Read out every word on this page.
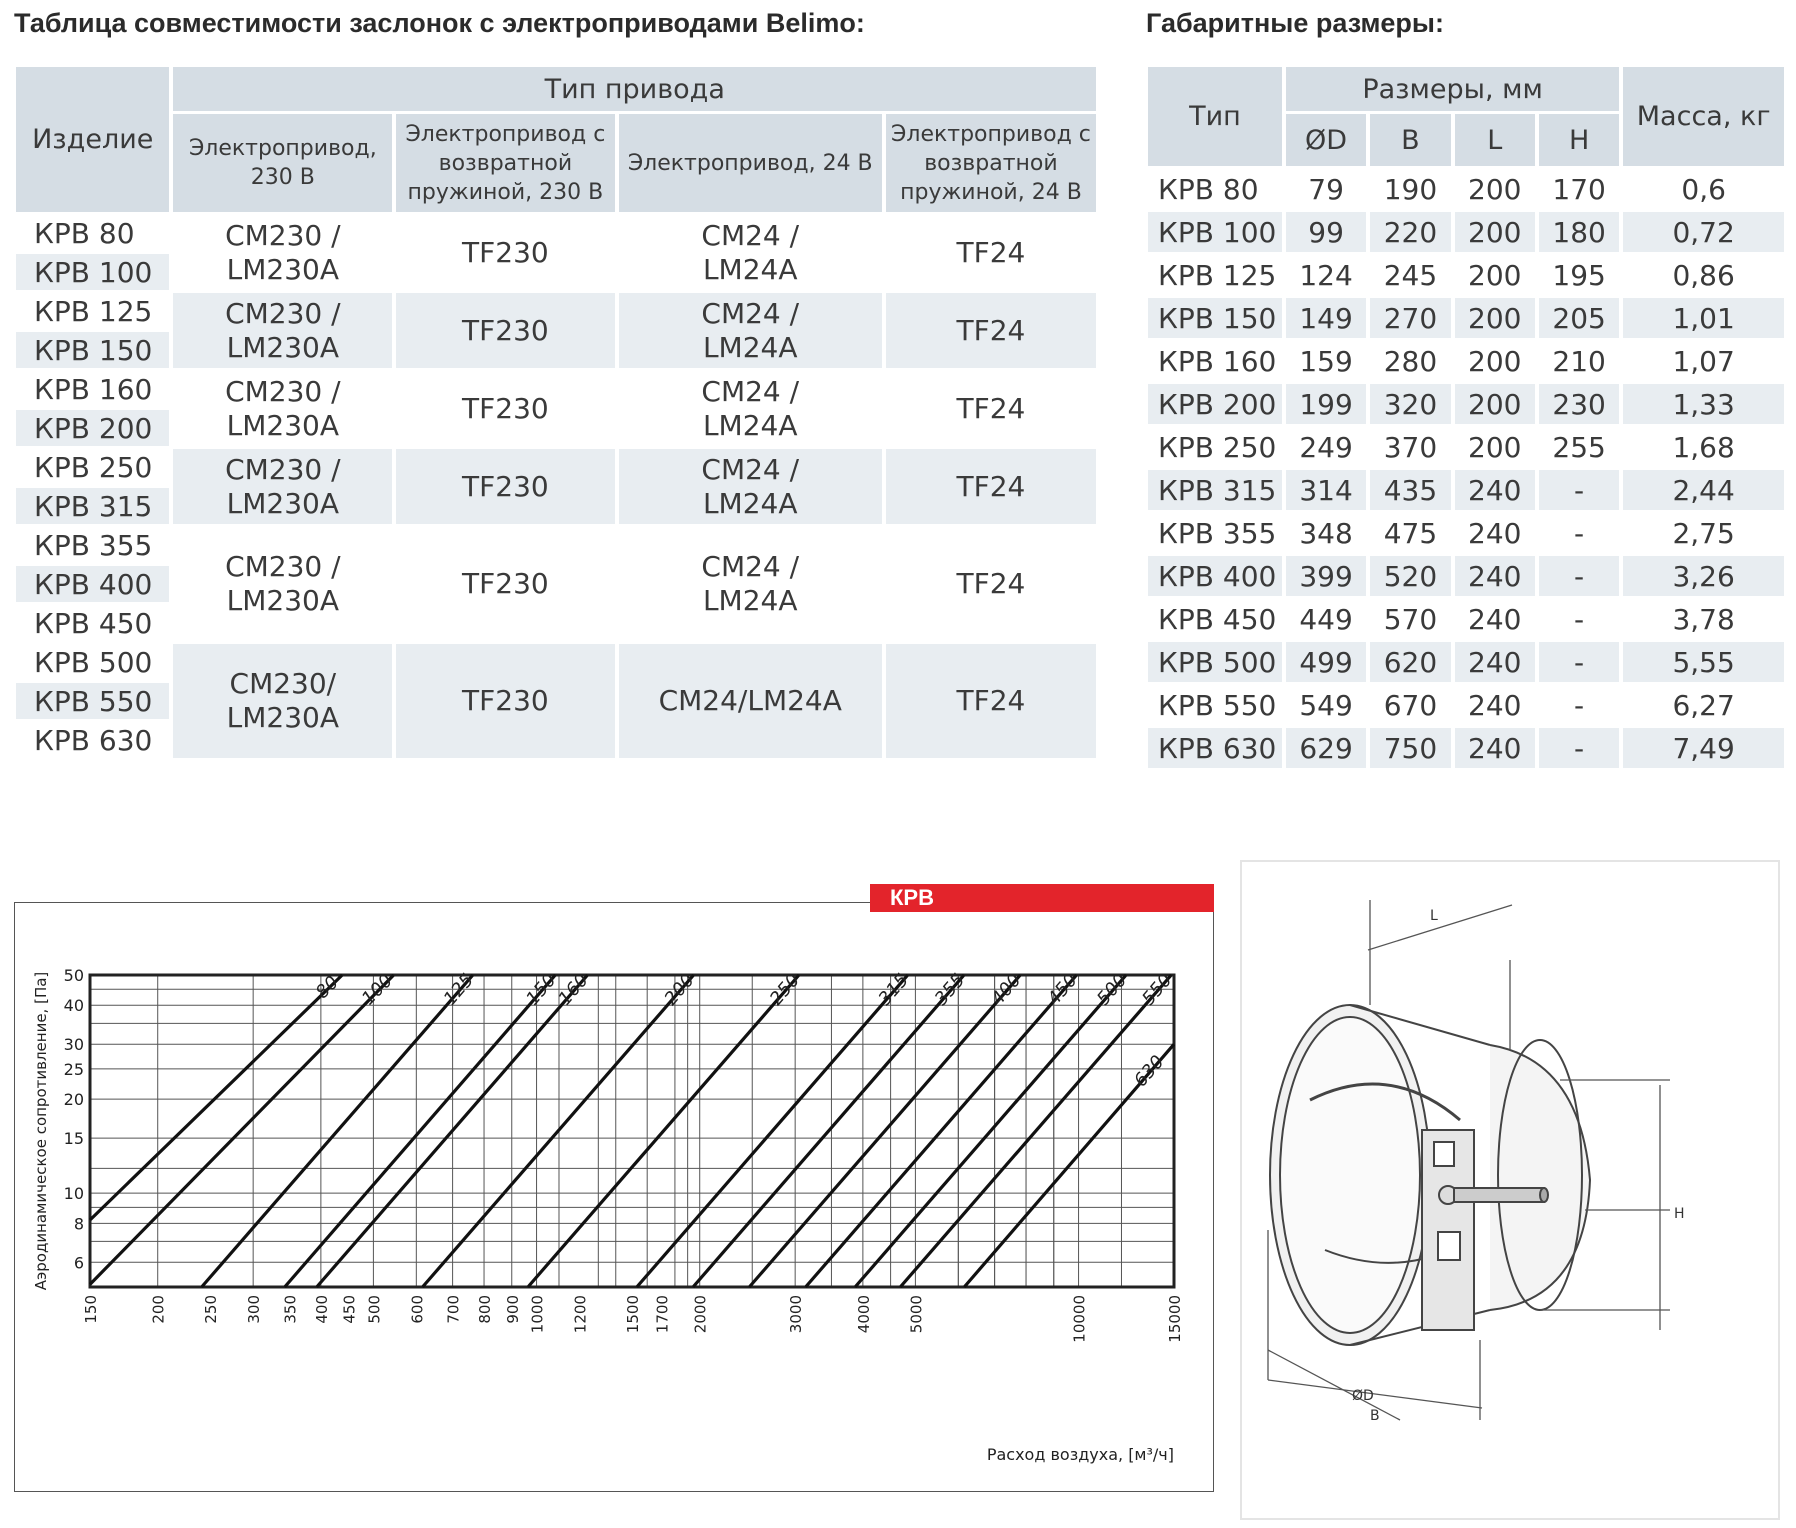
Таблица совместимости заслонок с электроприводами Belimo:	Габаритные размеры:
Изделие	Тип привода			
	Электропривод, 230 В	Электропривод с возвратной пружиной, 230 В	Электропривод, 24 В	Электропривод с возвратной пружиной, 24 В
КРВ 80	CM230 / LM230A	TF230	CM24 / LM24A	TF24
КРВ 100				
КРВ 125	CM230 / LM230A	TF230	CM24 / LM24A	TF24
КРВ 150				
КРВ 160	CM230 / LM230A	TF230	CM24 / LM24A	TF24
КРВ 200				
КРВ 250	CM230 / LM230A	TF230	CM24 / LM24A	TF24
КРВ 315				
КРВ 355	CM230 / LM230A	TF230	CM24 / LM24A	TF24
КРВ 400				
КРВ 450				
КРВ 500	CM230/ LM230A	TF230	CM24/LM24A	TF24
КРВ 550				
КРВ 630				
Тип	Размеры, мм				Масса, кг
	ØD	B	L	H	
КРВ 80	79	190	200	170	0,6
КРВ 100	99	220	200	180	0,72
КРВ 125	124	245	200	195	0,86
КРВ 150	149	270	200	205	1,01
КРВ 160	159	280	200	210	1,07
КРВ 200	199	320	200	230	1,33
КРВ 250	249	370	200	255	1,68
КРВ 315	314	435	240	-	2,44
КРВ 355	348	475	240	-	2,75
КРВ 400	399	520	240	-	3,26
КРВ 450	449	570	240	-	3,78
КРВ 500	499	620	240	-	5,55
КРВ 550	549	670	240	-	6,27
КРВ 630	629	750	240	-	7,49
КРВ
80 100 125 150
160	200	250	315 355 400 450 500 550
630
150	200 250 300 350 400 450 500 600 700 800 900 1000 1200 1500 1700 2000	3000	4000 5000	10000	15000
6
8
10
15
20
25
30
40
50
Расход воздуха, [м³/ч]
Аэродинамическое сопротивление, [Па]
L
H
ØD
B
